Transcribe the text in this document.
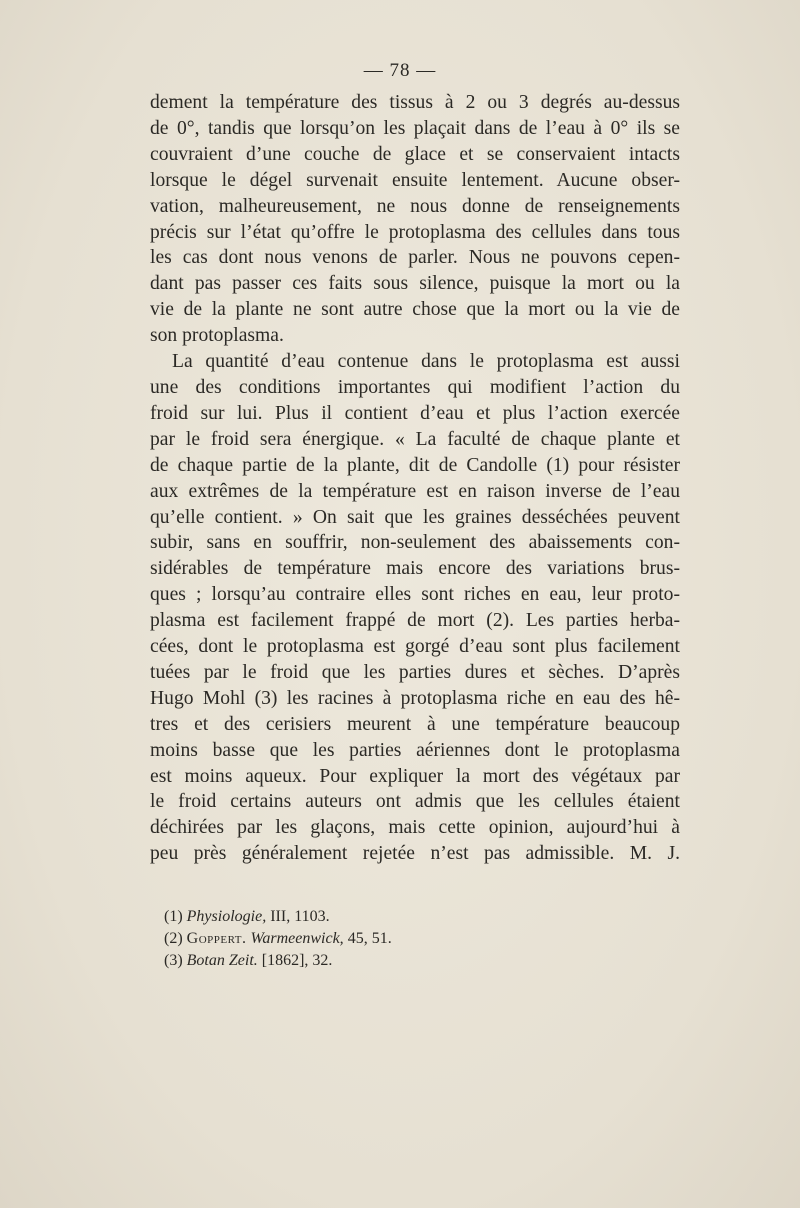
— 78 —
dement la température des tissus à 2 ou 3 degrés au-dessus
de 0°, tandis que lorsqu’on les plaçait dans de l’eau à 0° ils se
couvraient d’une couche de glace et se conservaient intacts
lorsque le dégel survenait ensuite lentement. Aucune obser-
vation, malheureusement, ne nous donne de renseignements
précis sur l’état qu’offre le protoplasma des cellules dans tous
les cas dont nous venons de parler. Nous ne pouvons cepen-
dant pas passer ces faits sous silence, puisque la mort ou la
vie de la plante ne sont autre chose que la mort ou la vie de
son protoplasma.
La quantité d’eau contenue dans le protoplasma est aussi
une des conditions importantes qui modifient l’action du
froid sur lui. Plus il contient d’eau et plus l’action exercée
par le froid sera énergique. « La faculté de chaque plante et
de chaque partie de la plante, dit de Candolle (1) pour résister
aux extrêmes de la température est en raison inverse de l’eau
qu’elle contient. » On sait que les graines desséchées peuvent
subir, sans en souffrir, non-seulement des abaissements con-
sidérables de température mais encore des variations brus-
ques ; lorsqu’au contraire elles sont riches en eau, leur proto-
plasma est facilement frappé de mort (2). Les parties herba-
cées, dont le protoplasma est gorgé d’eau sont plus facilement
tuées par le froid que les parties dures et sèches. D’après
Hugo Mohl (3) les racines à protoplasma riche en eau des hê-
tres et des cerisiers meurent à une température beaucoup
moins basse que les parties aériennes dont le protoplasma
est moins aqueux. Pour expliquer la mort des végétaux par
le froid certains auteurs ont admis que les cellules étaient
déchirées par les glaçons, mais cette opinion, aujourd’hui à
peu près généralement rejetée n’est pas admissible. M. J.
(1) Physiologie, III, 1103.
(2) Goppert. Warmeenwick, 45, 51.
(3) Botan Zeit. [1862], 32.
